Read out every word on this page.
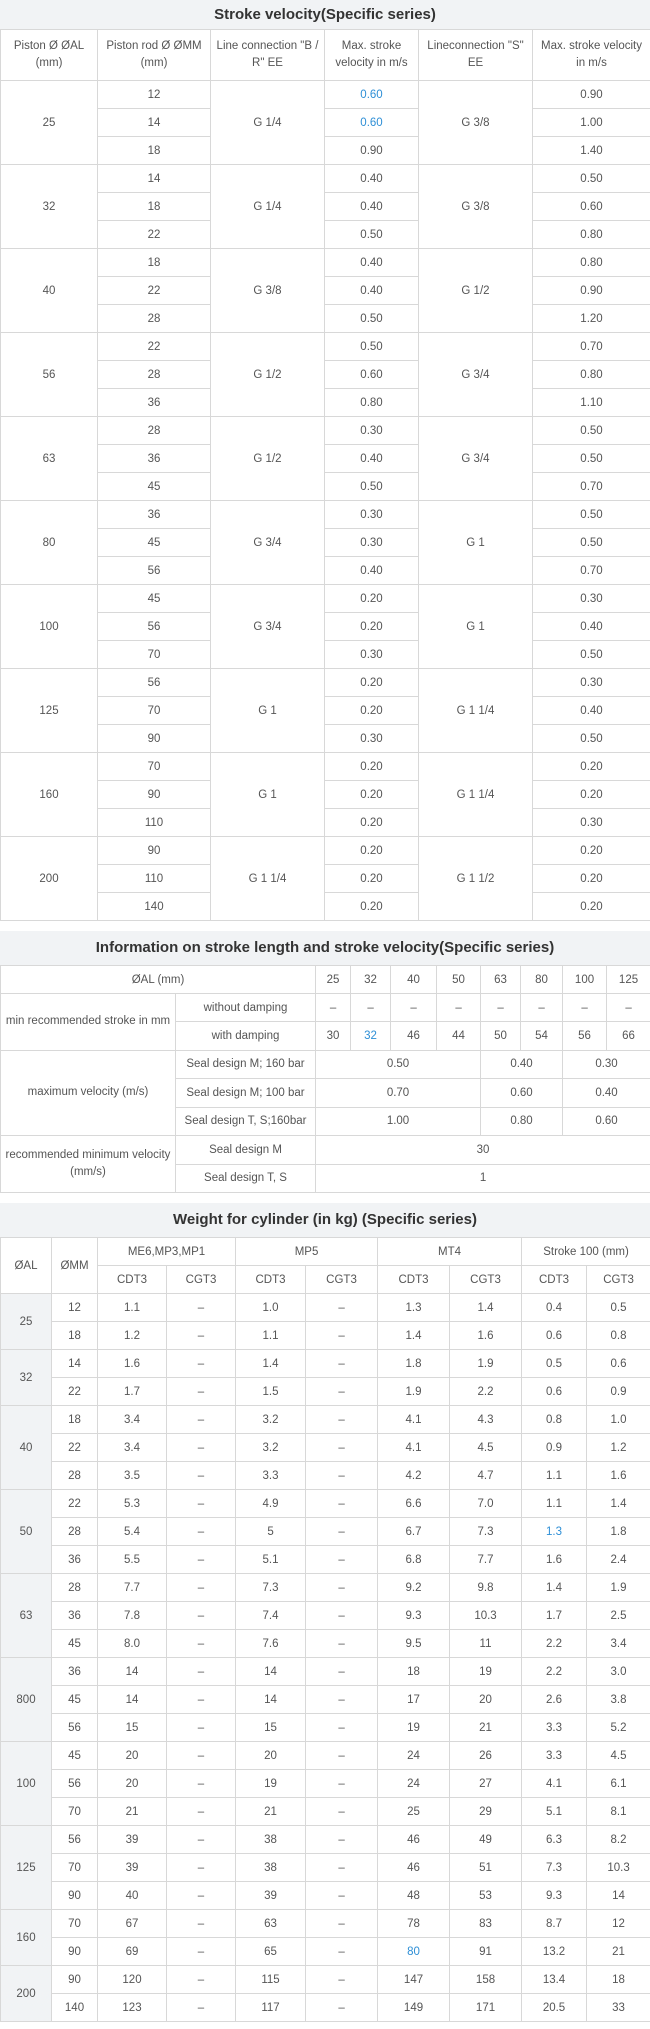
Stroke velocity(Specific series)
Piston Ø ØAL (mm)	Piston rod Ø ØMM (mm)	Line connection "B / R" EE	Max. stroke velocity in m/s	Lineconnection "S" EE	Max. stroke velocity in m/s
25	12	G 1/4	0.60	G 3/8	0.90
	14		0.60		1.00
	18		0.90		1.40
32	14	G 1/4	0.40	G 3/8	0.50
	18		0.40		0.60
	22		0.50		0.80
40	18	G 3/8	0.40	G 1/2	0.80
	22		0.40		0.90
	28		0.50		1.20
56	22	G 1/2	0.50	G 3/4	0.70
	28		0.60		0.80
	36		0.80		1.10
63	28	G 1/2	0.30	G 3/4	0.50
	36		0.40		0.50
	45		0.50		0.70
80	36	G 3/4	0.30	G 1	0.50
	45		0.30		0.50
	56		0.40		0.70
100	45	G 3/4	0.20	G 1	0.30
	56		0.20		0.40
	70		0.30		0.50
125	56	G 1	0.20	G 1 1/4	0.30
	70		0.20		0.40
	90		0.30		0.50
160	70	G 1	0.20	G 1 1/4	0.20
	90		0.20		0.20
	110		0.20		0.30
200	90	G 1 1/4	0.20	G 1 1/2	0.20
	110		0.20		0.20
	140		0.20		0.20
Information on stroke length and stroke velocity(Specific series)
ØAL (mm)		25	32	40	50	63	80	100	125
min recommended stroke in mm	without damping	–	–	–	–	–	–	–	–
	with damping	30	32	46	44	50	54	56	66
maximum velocity (m/s)	Seal design M; 160 bar	0.50				0.40		0.30	
	Seal design M; 100 bar	0.70				0.60		0.40	
	Seal design T, S;160bar	1.00				0.80		0.60	
recommended minimum velocity (mm/s)	Seal design M	30							
	Seal design T, S	1							
Weight for cylinder (in kg) (Specific series)
ØAL	ØMM	ME6,MP3,MP1		MP5		MT4		Stroke 100 (mm)	
		CDT3	CGT3	CDT3	CGT3	CDT3	CGT3	CDT3	CGT3
25	12	1.1	–	1.0	–	1.3	1.4	0.4	0.5
	18	1.2	–	1.1	–	1.4	1.6	0.6	0.8
32	14	1.6	–	1.4	–	1.8	1.9	0.5	0.6
	22	1.7	–	1.5	–	1.9	2.2	0.6	0.9
40	18	3.4	–	3.2	–	4.1	4.3	0.8	1.0
	22	3.4	–	3.2	–	4.1	4.5	0.9	1.2
	28	3.5	–	3.3	–	4.2	4.7	1.1	1.6
50	22	5.3	–	4.9	–	6.6	7.0	1.1	1.4
	28	5.4	–	5	–	6.7	7.3	1.3	1.8
	36	5.5	–	5.1	–	6.8	7.7	1.6	2.4
63	28	7.7	–	7.3	–	9.2	9.8	1.4	1.9
	36	7.8	–	7.4	–	9.3	10.3	1.7	2.5
	45	8.0	–	7.6	–	9.5	11	2.2	3.4
800	36	14	–	14	–	18	19	2.2	3.0
	45	14	–	14	–	17	20	2.6	3.8
	56	15	–	15	–	19	21	3.3	5.2
100	45	20	–	20	–	24	26	3.3	4.5
	56	20	–	19	–	24	27	4.1	6.1
	70	21	–	21	–	25	29	5.1	8.1
125	56	39	–	38	–	46	49	6.3	8.2
	70	39	–	38	–	46	51	7.3	10.3
	90	40	–	39	–	48	53	9.3	14
160	70	67	–	63	–	78	83	8.7	12
	90	69	–	65	–	80	91	13.2	21
200	90	120	–	115	–	147	158	13.4	18
	140	123	–	117	–	149	171	20.5	33
